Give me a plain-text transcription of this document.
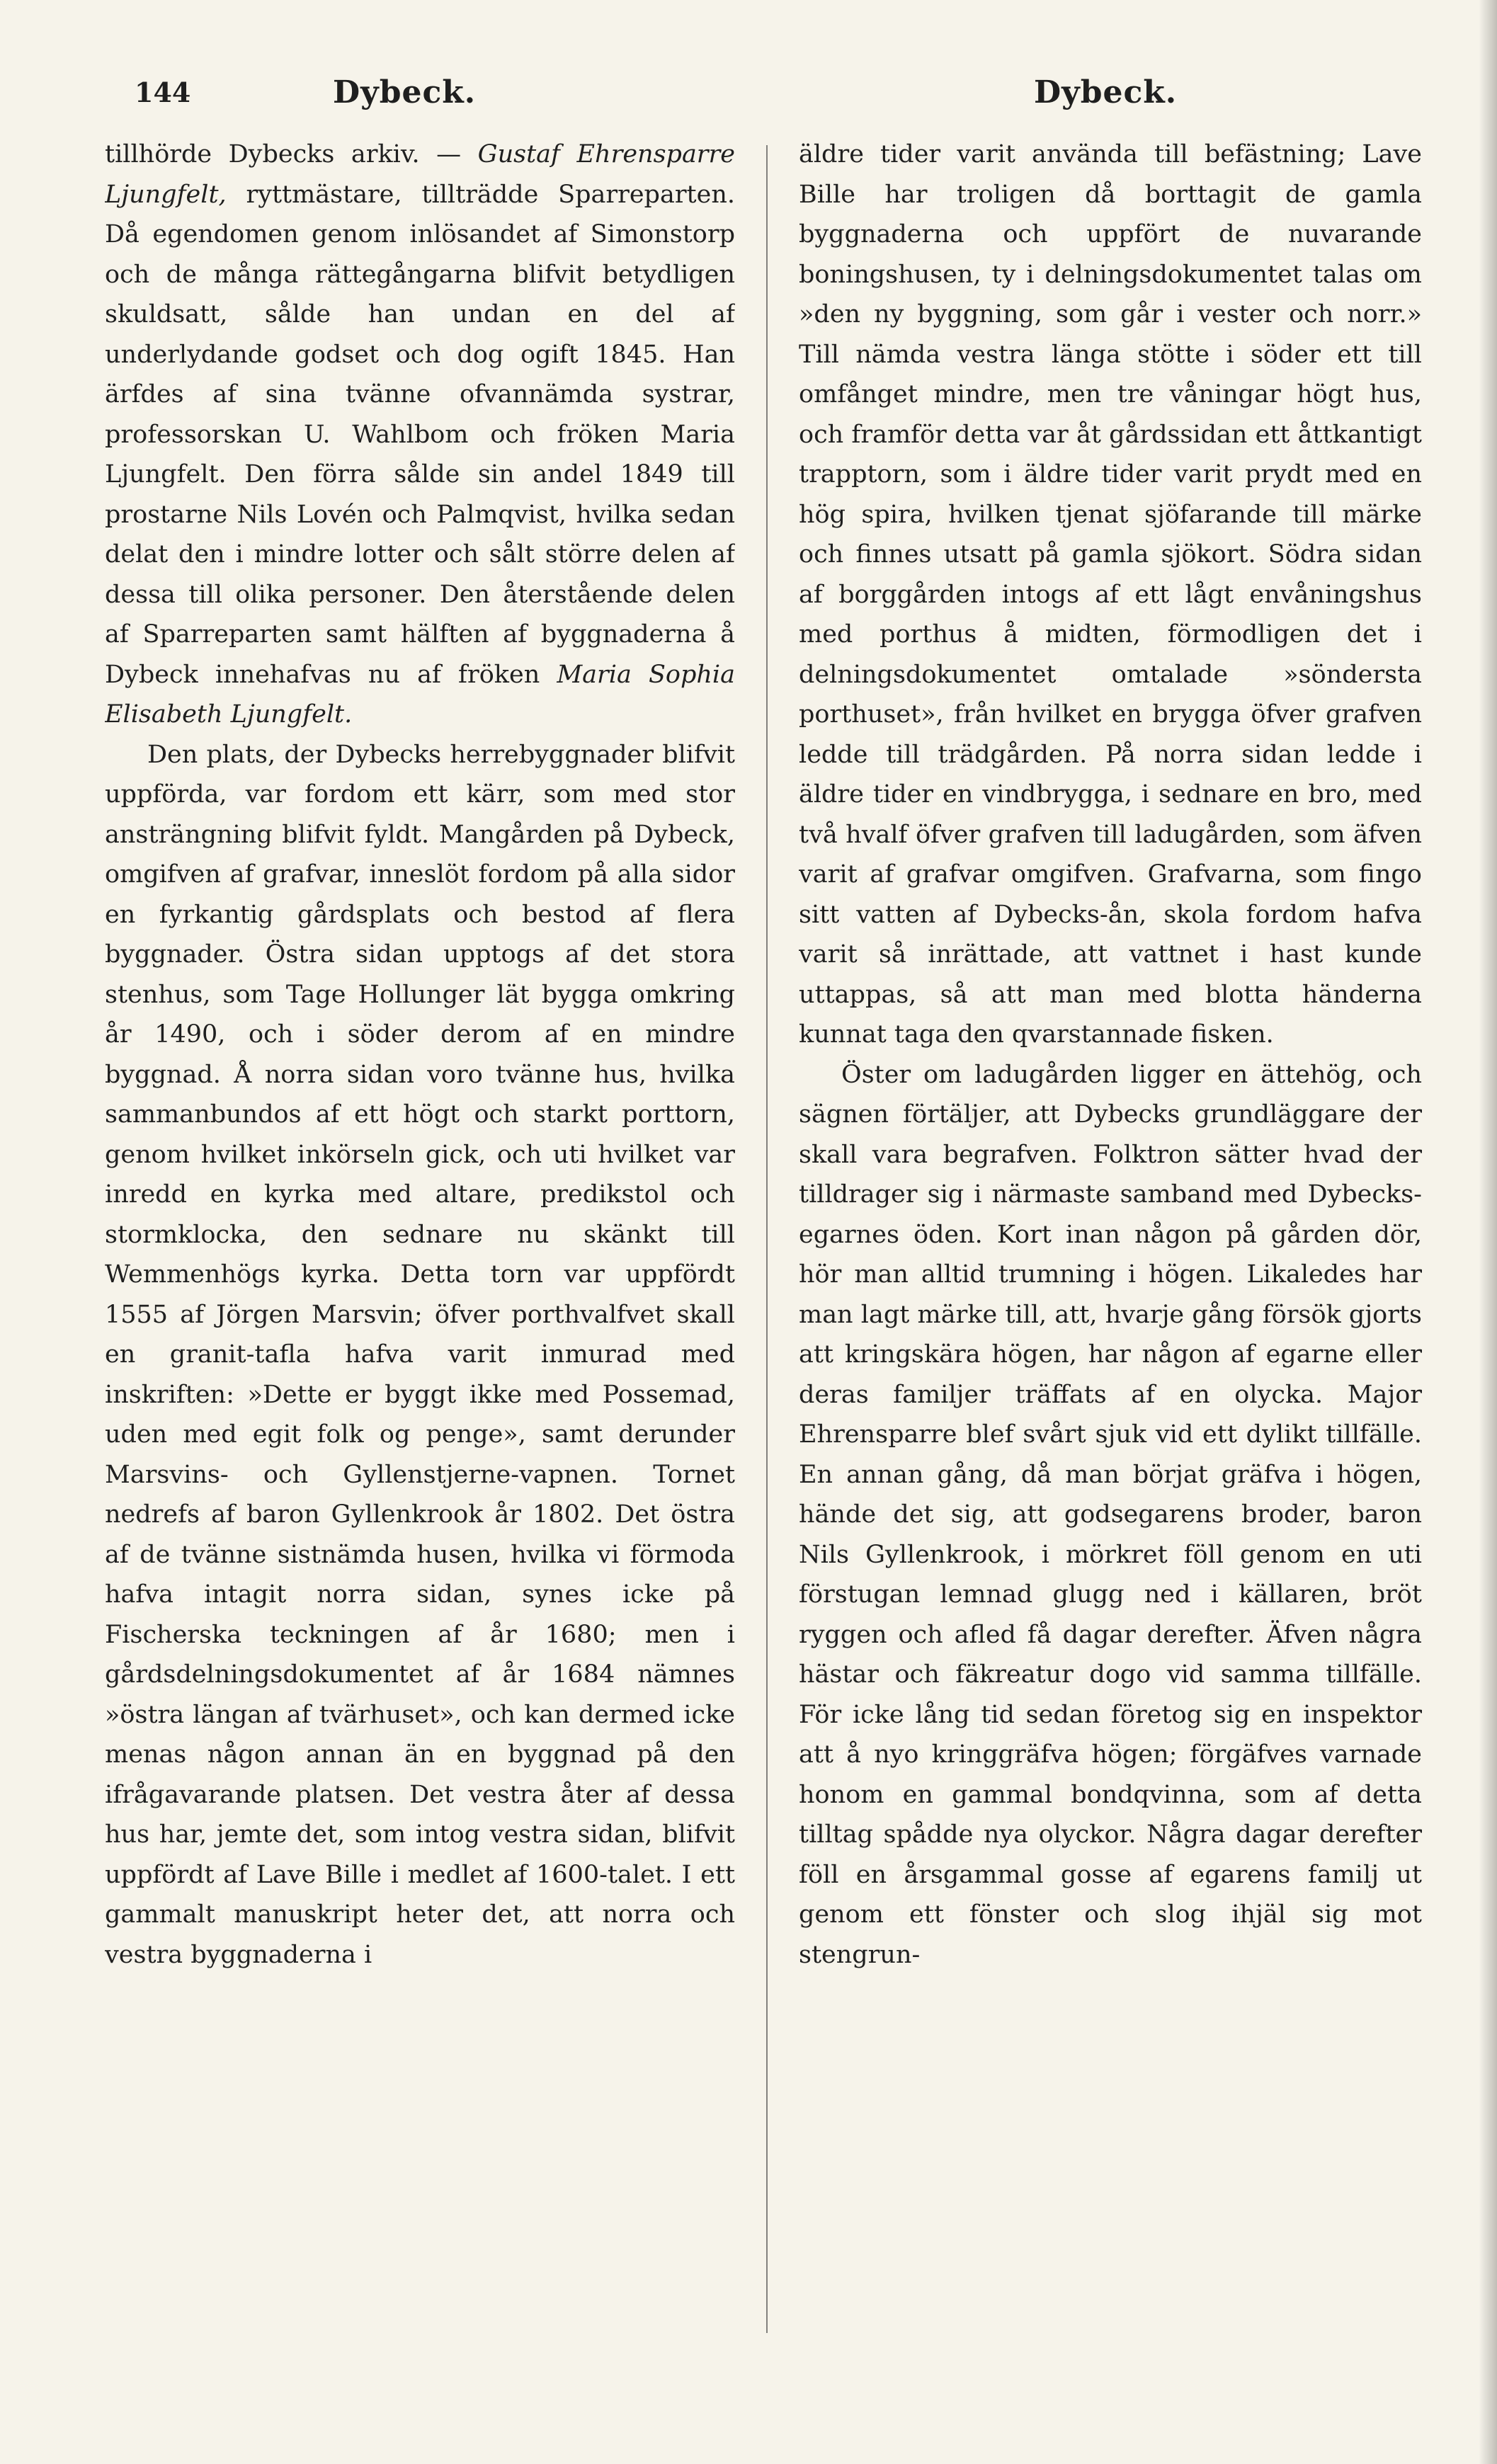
144	Dybeck.	Dybeck.

tillhörde Dybecks arkiv. — Gustaf Ehrensparre Ljungfelt, ryttmästare, tillträdde Sparreparten. Då egendomen genom inlösandet af Simonstorp och de många rättegångarna blifvit betydligen skuldsatt, sålde han undan en del af underlydande godset och dog ogift 1845. Han ärfdes af sina tvänne ofvannämda systrar, professorskan U. Wahlbom och fröken Maria Ljungfelt. Den förra sålde sin andel 1849 till prostarne Nils Lovén och Palmqvist, hvilka sedan delat den i mindre lotter och sålt större delen af dessa till olika personer. Den återstående delen af Sparreparten samt hälften af byggnaderna å Dybeck innehafvas nu af fröken Maria Sophia Elisabeth Ljungfelt.

Den plats, der Dybecks herrebyggnader blifvit uppförda, var fordom ett kärr, som med stor ansträngning blifvit fyldt. Mangården på Dybeck, omgifven af grafvar, inneslöt fordom på alla sidor en fyrkantig gårdsplats och bestod af flera byggnader. Östra sidan upptogs af det stora stenhus, som Tage Hollunger lät bygga omkring år 1490, och i söder derom af en mindre byggnad. Å norra sidan voro tvänne hus, hvilka sammanbundos af ett högt och starkt porttorn, genom hvilket inkörseln gick, och uti hvilket var inredd en kyrka med altare, predikstol och stormklocka, den sednare nu skänkt till Wemmenhögs kyrka. Detta torn var uppfördt 1555 af Jörgen Marsvin; öfver porthvalfvet skall en granit-tafla hafva varit inmurad med inskriften: »Dette er byggt ikke med Possemad, uden med egit folk og penge», samt derunder Marsvins- och Gyllenstjerne-vapnen. Tornet nedrefs af baron Gyllenkrook år 1802. Det östra af de tvänne sistnämda husen, hvilka vi förmoda hafva intagit norra sidan, synes icke på Fischerska teckningen af år 1680; men i gårdsdelningsdokumentet af år 1684 nämnes »östra längan af tvärhuset», och kan dermed icke menas någon annan än en byggnad på den ifrågavarande platsen. Det vestra åter af dessa hus har, jemte det, som intog vestra sidan, blifvit uppfördt af Lave Bille i medlet af 1600-talet. I ett gammalt manuskript heter det, att norra och vestra byggnaderna i

äldre tider varit använda till befästning; Lave Bille har troligen då borttagit de gamla byggnaderna och uppfört de nuvarande boningshusen, ty i delningsdokumentet talas om »den ny byggning, som går i vester och norr.» Till nämda vestra länga stötte i söder ett till omfånget mindre, men tre våningar högt hus, och framför detta var åt gårdssidan ett åttkantigt trapptorn, som i äldre tider varit prydt med en hög spira, hvilken tjenat sjöfarande till märke och finnes utsatt på gamla sjökort. Södra sidan af borggården intogs af ett lågt envåningshus med porthus å midten, förmodligen det i delningsdokumentet omtalade »söndersta porthuset», från hvilket en brygga öfver grafven ledde till trädgården. På norra sidan ledde i äldre tider en vindbrygga, i sednare en bro, med två hvalf öfver grafven till ladugården, som äfven varit af grafvar omgifven. Grafvarna, som fingo sitt vatten af Dybecks-ån, skola fordom hafva varit så inrättade, att vattnet i hast kunde uttappas, så att man med blotta händerna kunnat taga den qvarstannade fisken.

Öster om ladugården ligger en ättehög, och sägnen förtäljer, att Dybecks grundläggare der skall vara begrafven. Folktron sätter hvad der tilldrager sig i närmaste samband med Dybecks-egarnes öden. Kort inan någon på gården dör, hör man alltid trumning i högen. Likaledes har man lagt märke till, att, hvarje gång försök gjorts att kringskära högen, har någon af egarne eller deras familjer träffats af en olycka. Major Ehrensparre blef svårt sjuk vid ett dylikt tillfälle. En annan gång, då man börjat gräfva i högen, hände det sig, att godsegarens broder, baron Nils Gyllenkrook, i mörkret föll genom en uti förstugan lemnad glugg ned i källaren, bröt ryggen och afled få dagar derefter. Äfven några hästar och fäkreatur dogo vid samma tillfälle. För icke lång tid sedan företog sig en inspektor att å nyo kringgräfva högen; förgäfves varnade honom en gammal bondqvinna, som af detta tilltag spådde nya olyckor. Några dagar derefter föll en årsgammal gosse af egarens familj ut genom ett fönster och slog ihjäl sig mot stengrun-
